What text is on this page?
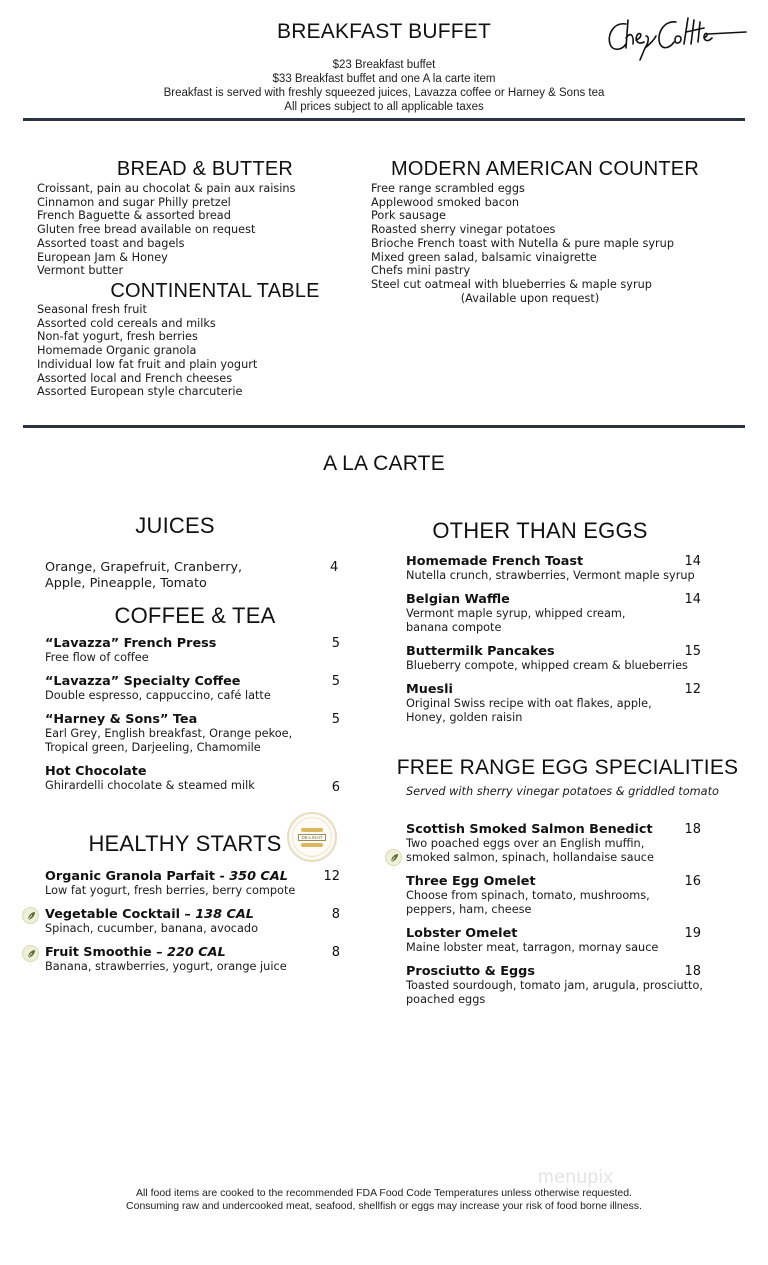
BREAKFAST BUFFET
$23 Breakfast buffet
$33 Breakfast buffet and one A la carte item
Breakfast is served with freshly squeezed juices, Lavazza coffee or Harney & Sons tea
All prices subject to all applicable taxes
BREAD & BUTTER
Croissant, pain au chocolat & pain aux raisins
Cinnamon and sugar Philly pretzel
French Baguette & assorted bread
Gluten free bread available on request
Assorted toast and bagels
European Jam & Honey
Vermont butter
CONTINENTAL TABLE
Seasonal fresh fruit
Assorted cold cereals and milks
Non-fat yogurt, fresh berries
Homemade Organic granola
Individual low fat fruit and plain yogurt
Assorted local and French cheeses
Assorted European style charcuterie
MODERN AMERICAN COUNTER
Free range scrambled eggs
Applewood smoked bacon
Pork sausage
Roasted sherry vinegar potatoes
Brioche French toast with Nutella & pure maple syrup
Mixed green salad, balsamic vinaigrette
Chefs mini pastry
Steel cut oatmeal with blueberries & maple syrup
(Available upon request)
A LA CARTE
JUICES
Orange, Grapefruit, Cranberry,
Apple, Pineapple, Tomato
4
COFFEE & TEA
“Lavazza” French Press
Free flow of coffee
5
“Lavazza” Specialty Coffee
Double espresso, cappuccino, café latte
5
“Harney & Sons” Tea
Earl Grey, English breakfast, Orange pekoe, Tropical green, Darjeeling, Chamomile
5
Hot Chocolate
Ghirardelli chocolate & steamed milk	6
HEALTHY STARTS	DE-LIGHT
Organic Granola Parfait - 350 CAL
Low fat yogurt, fresh berries, berry compote
12
Vegetable Cocktail – 138 CAL
Spinach, cucumber, banana, avocado
8
Fruit Smoothie – 220 CAL
Banana, strawberries, yogurt, orange juice
8
OTHER THAN EGGS
Homemade French Toast
Nutella crunch, strawberries, Vermont maple syrup
14
Belgian Waffle
Vermont maple syrup, whipped cream, banana compote
14
Buttermilk Pancakes
Blueberry compote, whipped cream & blueberries
15
Muesli
Original Swiss recipe with oat flakes, apple, Honey, golden raisin
12
FREE RANGE EGG SPECIALITIES
Served with sherry vinegar potatoes & griddled tomato
Scottish Smoked Salmon Benedict
Two poached eggs over an English muffin, smoked salmon, spinach, hollandaise sauce
18
Three Egg Omelet
Choose from spinach, tomato, mushrooms, peppers, ham, cheese
16
Lobster Omelet
Maine lobster meat, tarragon, mornay sauce
19
Prosciutto & Eggs
Toasted sourdough, tomato jam, arugula, prosciutto, poached eggs
18
menupix
All food items are cooked to the recommended FDA Food Code Temperatures unless otherwise requested.
Consuming raw and undercooked meat, seafood, shellfish or eggs may increase your risk of food borne illness.
